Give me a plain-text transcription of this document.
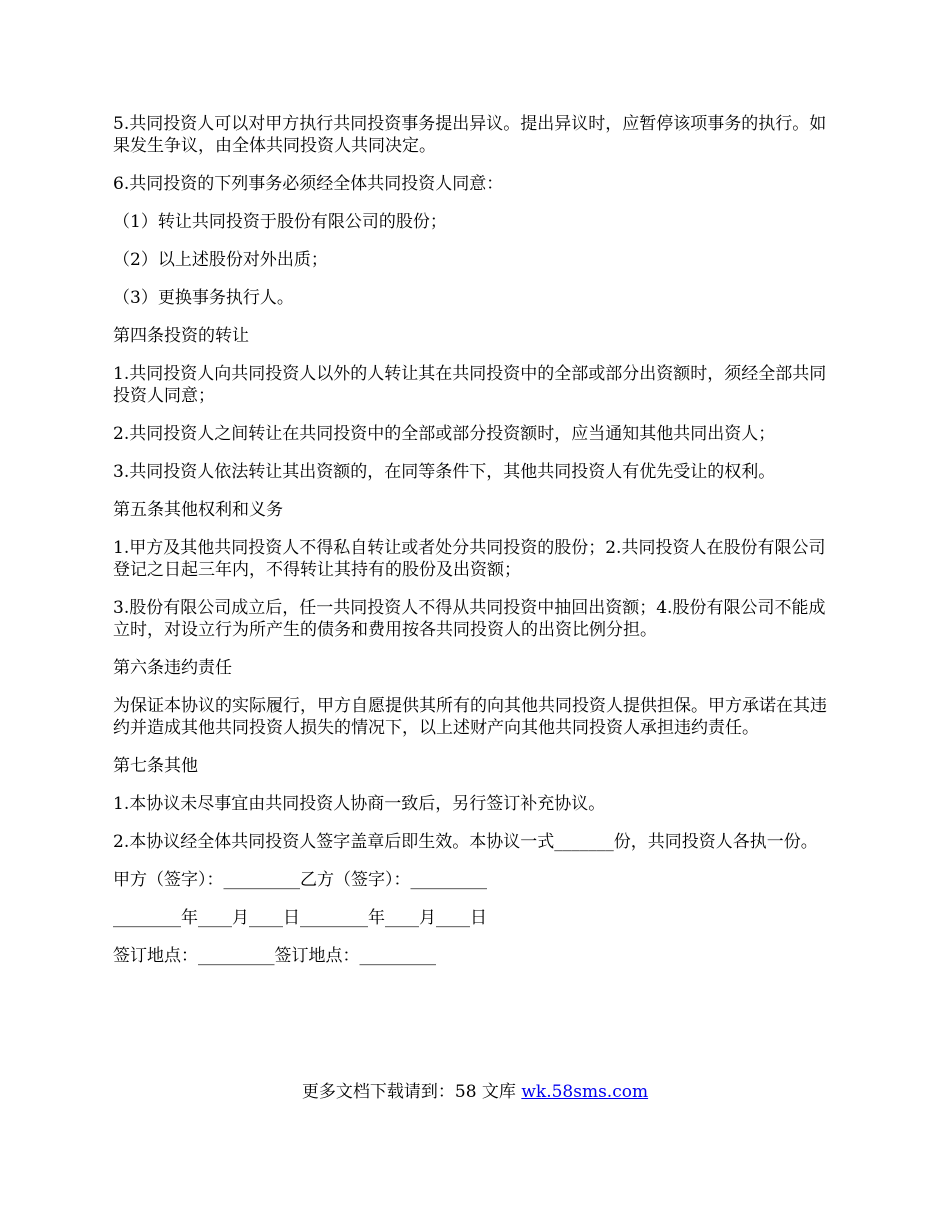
5.共同投资人可以对甲方执行共同投资事务提出异议。提出异议时，应暂停该项事务的执行。如果发生争议，由全体共同投资人共同决定。

6.共同投资的下列事务必须经全体共同投资人同意：

（1）转让共同投资于股份有限公司的股份；

（2）以上述股份对外出质；

（3）更换事务执行人。

第四条投资的转让

1.共同投资人向共同投资人以外的人转让其在共同投资中的全部或部分出资额时，须经全部共同投资人同意；

2.共同投资人之间转让在共同投资中的全部或部分投资额时，应当通知其他共同出资人；

3.共同投资人依法转让其出资额的，在同等条件下，其他共同投资人有优先受让的权利。

第五条其他权利和义务

1.甲方及其他共同投资人不得私自转让或者处分共同投资的股份；2.共同投资人在股份有限公司登记之日起三年内，不得转让其持有的股份及出资额；

3.股份有限公司成立后，任一共同投资人不得从共同投资中抽回出资额；4.股份有限公司不能成立时，对设立行为所产生的债务和费用按各共同投资人的出资比例分担。

第六条违约责任

为保证本协议的实际履行，甲方自愿提供其所有的向其他共同投资人提供担保。甲方承诺在其违约并造成其他共同投资人损失的情况下，以上述财产向其他共同投资人承担违约责任。

第七条其他

1.本协议未尽事宜由共同投资人协商一致后，另行签订补充协议。

2.本协议经全体共同投资人签字盖章后即生效。本协议一式_______份，共同投资人各执一份。

甲方（签字）：_________乙方（签字）：_________

________年____月____日________年____月____日

签订地点：_________签订地点：_________

更多文档下载请到：58 文库 wk.58sms.com
